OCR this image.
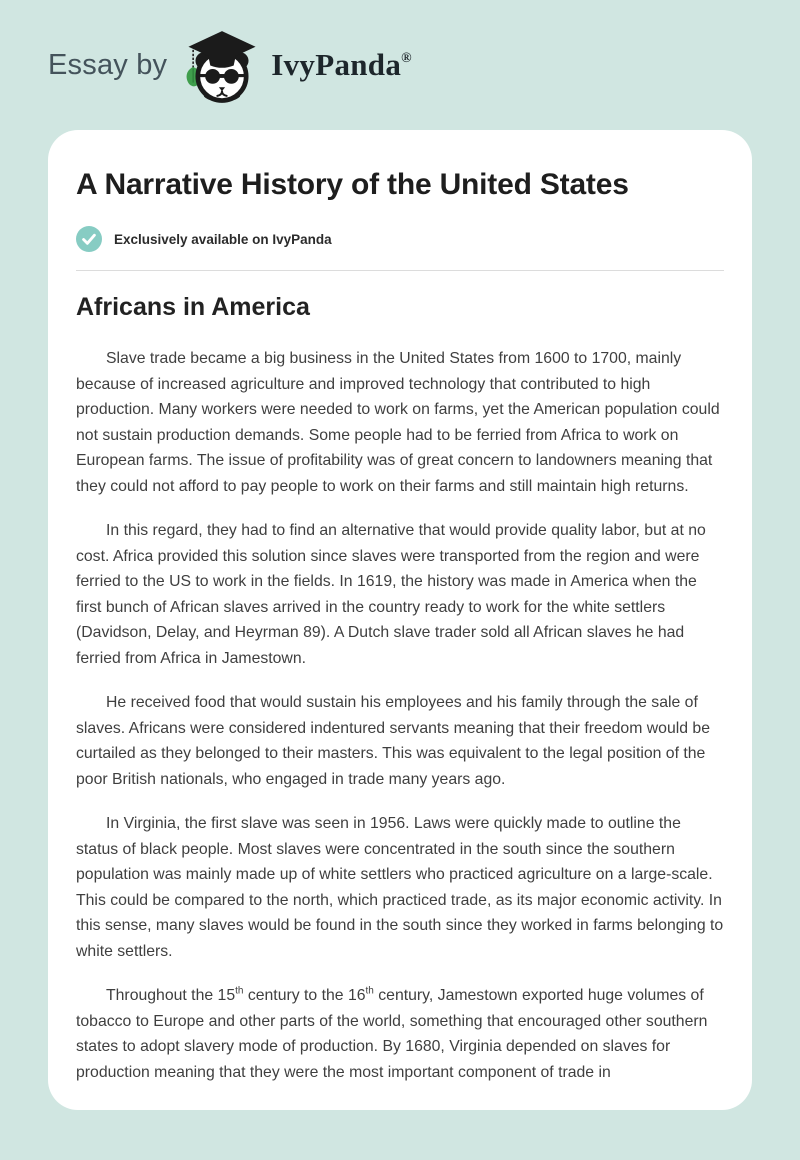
Essay by	IvyPanda®
A Narrative History of the United States
Exclusively available on IvyPanda
Africans in America

Slave trade became a big business in the United States from 1600 to 1700, mainly because of increased agriculture and improved technology that contributed to high production. Many workers were needed to work on farms, yet the American population could not sustain production demands. Some people had to be ferried from Africa to work on European farms. The issue of profitability was of great concern to landowners meaning that they could not afford to pay people to work on their farms and still maintain high returns.

In this regard, they had to find an alternative that would provide quality labor, but at no cost. Africa provided this solution since slaves were transported from the region and were ferried to the US to work in the fields. In 1619, the history was made in America when the first bunch of African slaves arrived in the country ready to work for the white settlers (Davidson, Delay, and Heyrman 89). A Dutch slave trader sold all African slaves he had ferried from Africa in Jamestown.

He received food that would sustain his employees and his family through the sale of slaves. Africans were considered indentured servants meaning that their freedom would be curtailed as they belonged to their masters. This was equivalent to the legal position of the poor British nationals, who engaged in trade many years ago.

In Virginia, the first slave was seen in 1956. Laws were quickly made to outline the status of black people. Most slaves were concentrated in the south since the southern population was mainly made up of white settlers who practiced agriculture on a large-scale. This could be compared to the north, which practiced trade, as its major economic activity. In this sense, many slaves would be found in the south since they worked in farms belonging to white settlers.

Throughout the 15th century to the 16th century, Jamestown exported huge volumes of tobacco to Europe and other parts of the world, something that encouraged other southern states to adopt slavery mode of production. By 1680, Virginia depended on slaves for production meaning that they were the most important component of trade in
